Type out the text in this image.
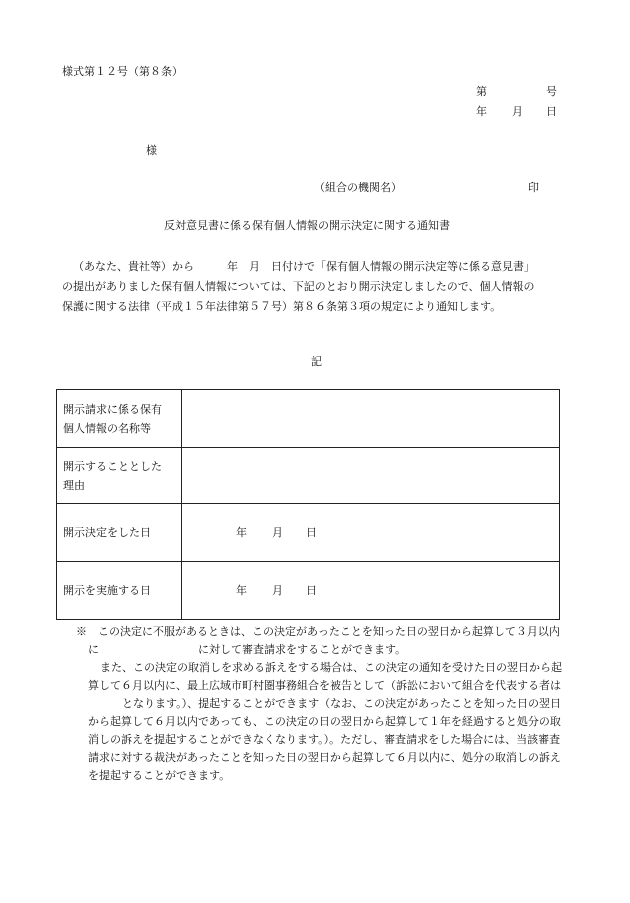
様式第１２号（第８条）
第	号
年 月 日
様
（組合の機関名）	印
反対意見書に係る保有個人情報の開示決定に関する通知書
（あなた、貴社等）から　　　年　月　日付けで「保有個人情報の開示決定等に係る意見書」
の提出がありました保有個人情報については、下記のとおり開示決定しましたので、個人情報の
保護に関する法律（平成１５年法律第５７号）第８６条第３項の規定により通知します。
記
開示請求に係る保有
個人情報の名称等	

開示することとした
理由	

開示決定をした日	年 月 日
開示を実施する日	年 月 日
※　この決定に不服があるときは、この決定があったことを知った日の翌日から起算して３月以内
に　　　　　　　　　に対して審査請求をすることができます。
また、この決定の取消しを求める訴えをする場合は、この決定の通知を受けた日の翌日から起
算して６月以内に、最上広域市町村圏事務組合を被告として（訴訟において組合を代表する者は
となります。）、提起することができます（なお、この決定があったことを知った日の翌日
から起算して６月以内であっても、この決定の日の翌日から起算して１年を経過すると処分の取
消しの訴えを提起することができなくなります。）。ただし、審査請求をした場合には、当該審査
請求に対する裁決があったことを知った日の翌日から起算して６月以内に、処分の取消しの訴え
を提起することができます。
